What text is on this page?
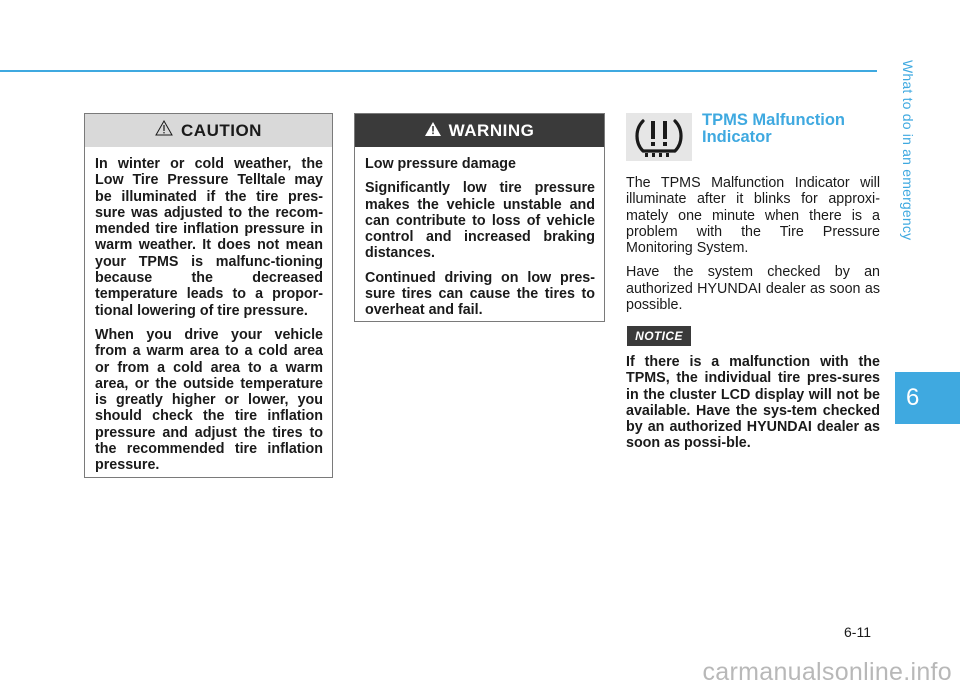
What to do in an emergency
6
CAUTION

In winter or cold weather, the Low Tire Pressure Telltale may be illuminated if the tire pres-sure was adjusted to the recom-mended tire inflation pressure in warm weather. It does not mean your TPMS is malfunc-tioning because the decreased temperature leads to a propor-tional lowering of tire pressure.

When you drive your vehicle from a warm area to a cold area or from a cold area to a warm area, or the outside temperature is greatly higher or lower, you should check the tire inflation pressure and adjust the tires to the recommended tire inflation pressure.

WARNING

Low pressure damage

Significantly low tire pressure makes the vehicle unstable and can contribute to loss of vehicle control and increased braking distances.

Continued driving on low pres-sure tires can cause the tires to overheat and fail.

TPMS Malfunction
Indicator

The TPMS Malfunction Indicator will illuminate after it blinks for approxi-mately one minute when there is a problem with the Tire Pressure Monitoring System.

Have the system checked by an authorized HYUNDAI dealer as soon as possible.

NOTICE

If there is a malfunction with the TPMS, the individual tire pres-sures in the cluster LCD display will not be available. Have the sys-tem checked by an authorized HYUNDAI dealer as soon as possi-ble.

6-11
carmanualsonline.info
